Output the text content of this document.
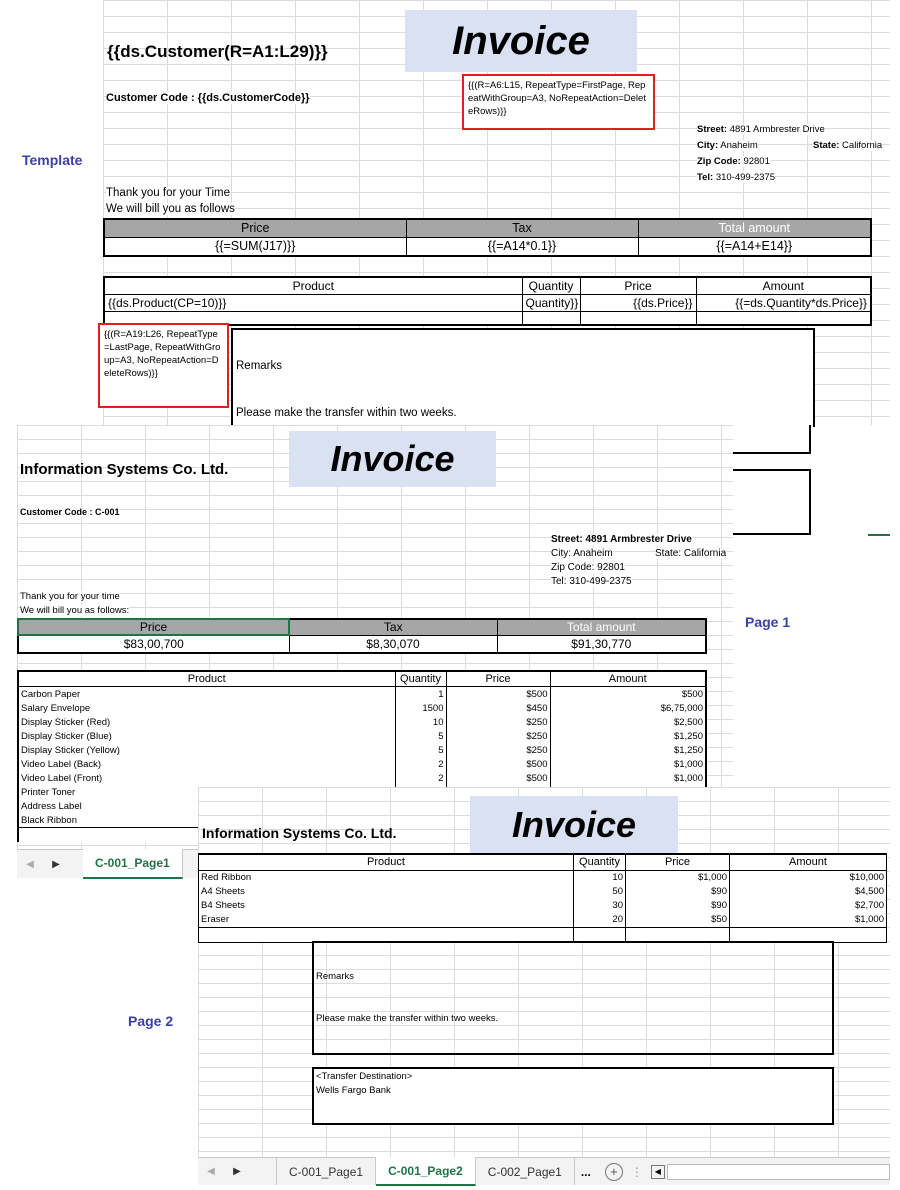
Template
Page 1
Page 2
{{ds.Customer(R=A1:L29)}}	Invoice
Customer Code : {{ds.CustomerCode}}
{{(R=A6:L15, RepeatType=FirstPage, RepeatWithGroup=A3, NoRepeatAction=DeleteRows)}}
Street: 4891 Armbrester Drive
City: Anaheim	State: California
Zip Code: 92801
Tel: 310-499-2375
Thank you for your Time
We will bill you as follows
Price	Tax	Total amount
{{=SUM(J17)}}	{{=A14*0.1}}	{{=A14+E14}}
Product	Quantity	Price	Amount
{{ds.Product(CP=10)}}	Quantity}}	{{ds.Price}}	{{=ds.Quantity*ds.Price}}

{{(R=A19:L26, RepeatType=LastPage, RepeatWithGroup=A3, NoRepeatAction=DeleteRows)}}
Remarks
Please make the transfer within two weeks.
Information Systems Co. Ltd.	Invoice
Customer Code : C-001
Street: 4891 Armbrester Drive
City: Anaheim	State: California
Zip Code: 92801
Tel: 310-499-2375
Thank you for your time
We will bill you as follows:
Price	Tax	Total amount
$83,00,700	$8,30,070	$91,30,770
Product	Quantity	Price	Amount
Carbon Paper	1	$500	$500
Salary Envelope	1500	$450	$6,75,000
Display Sticker (Red)	10	$250	$2,500
Display Sticker (Blue)	5	$250	$1,250
Display Sticker (Yellow)	5	$250	$1,250
Video Label (Back)	2	$500	$1,000
Video Label (Front)	2	$500	$1,000
Printer Toner			
Address Label			
Black Ribbon			

◀	▶	C-001_Page1
Information Systems Co. Ltd.	Invoice
Product	Quantity	Price	Amount
Red Ribbon	10	$1,000	$10,000
A4 Sheets	50	$90	$4,500
B4 Sheets	30	$90	$2,700
Eraser	20	$50	$1,000

Remarks
Please make the transfer within two weeks.
<Transfer Destination>
Wells Fargo Bank
◀	▶	C-001_Page1	C-001_Page2	C-002_Page1	...	+	⋮	◀
